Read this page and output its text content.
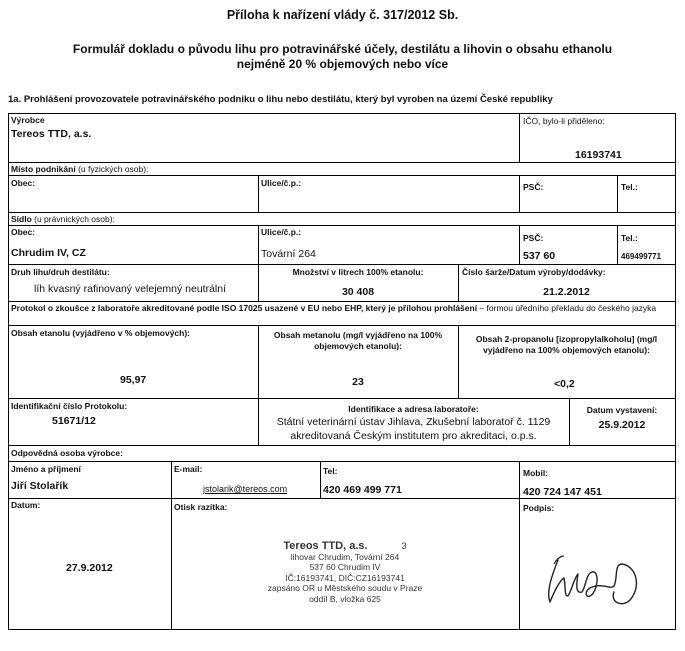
Příloha k nařízení vlády č. 317/2012 Sb.
Formulář dokladu o původu lihu pro potravinářské účely, destilátu a lihovin o obsahu ethanolu
nejméně 20 % objemových nebo více
1a. Prohlášení provozovatele potravinářského podniku o lihu nebo destilátu, který byl vyroben na území České republiky
Výrobce
Tereos TTD, a.s.
IČO, bylo-li přiděleno:
16193741
Místo podnikání (u fyzických osob):
Obec:	Ulice/č.p.:	PSČ:	Tel.:
Sídlo (u právnických osob):
Obec:
Chrudim IV, CZ
Ulice/č.p.:
Tovární 264
PSČ:
537 60
Tel.:
469499771
Druh lihu/druh destilátu:
líh kvasný rafinovaný velejemný neutrální
Množství v litrech 100% etanolu:
30 408
Číslo šarže/Datum výroby/dodávky:
21.2.2012
Protokol o zkoušce z laboratoře akreditované podle ISO 17025 usazené v EU nebo EHP, který je přílohou prohlášení – formou úředního překladu do českého jazyka
Obsah etanolu (vyjádřeno v % objemových):
95,97
Obsah metanolu (mg/l vyjádřeno na 100%
objemových etanolu):
23
Obsah 2-propanolu [izopropylalkoholu] (mg/l
vyjádřeno na 100% objemových etanolu):
<0,2
Identifikační číslo Protokolu:
51671/12
Identifikace a adresa laboratoře:
Státní veterinární ústav Jihlava, Zkušební laboratoř č. 1129
akreditovaná Českým institutem pro akreditaci, o.p.s.
Datum vystavení:
25.9.2012
Odpovědná osoba výrobce:
Jméno a příjmení
Jiří Stolařík
E-mail:
jstolarik@tereos.com
Tel:
420 469 499 771
Mobil:
420 724 147 451
Datum:
27.9.2012
Otisk razítka:	Podpis:
Tereos TTD, a.s.	3
lihovar Chrudim, Tovární 264
537 60 Chrudim IV
IČ:16193741, DIČ:CZ16193741
zapsáno OR u Městského soudu v Praze
oddíl B, vložka 625
